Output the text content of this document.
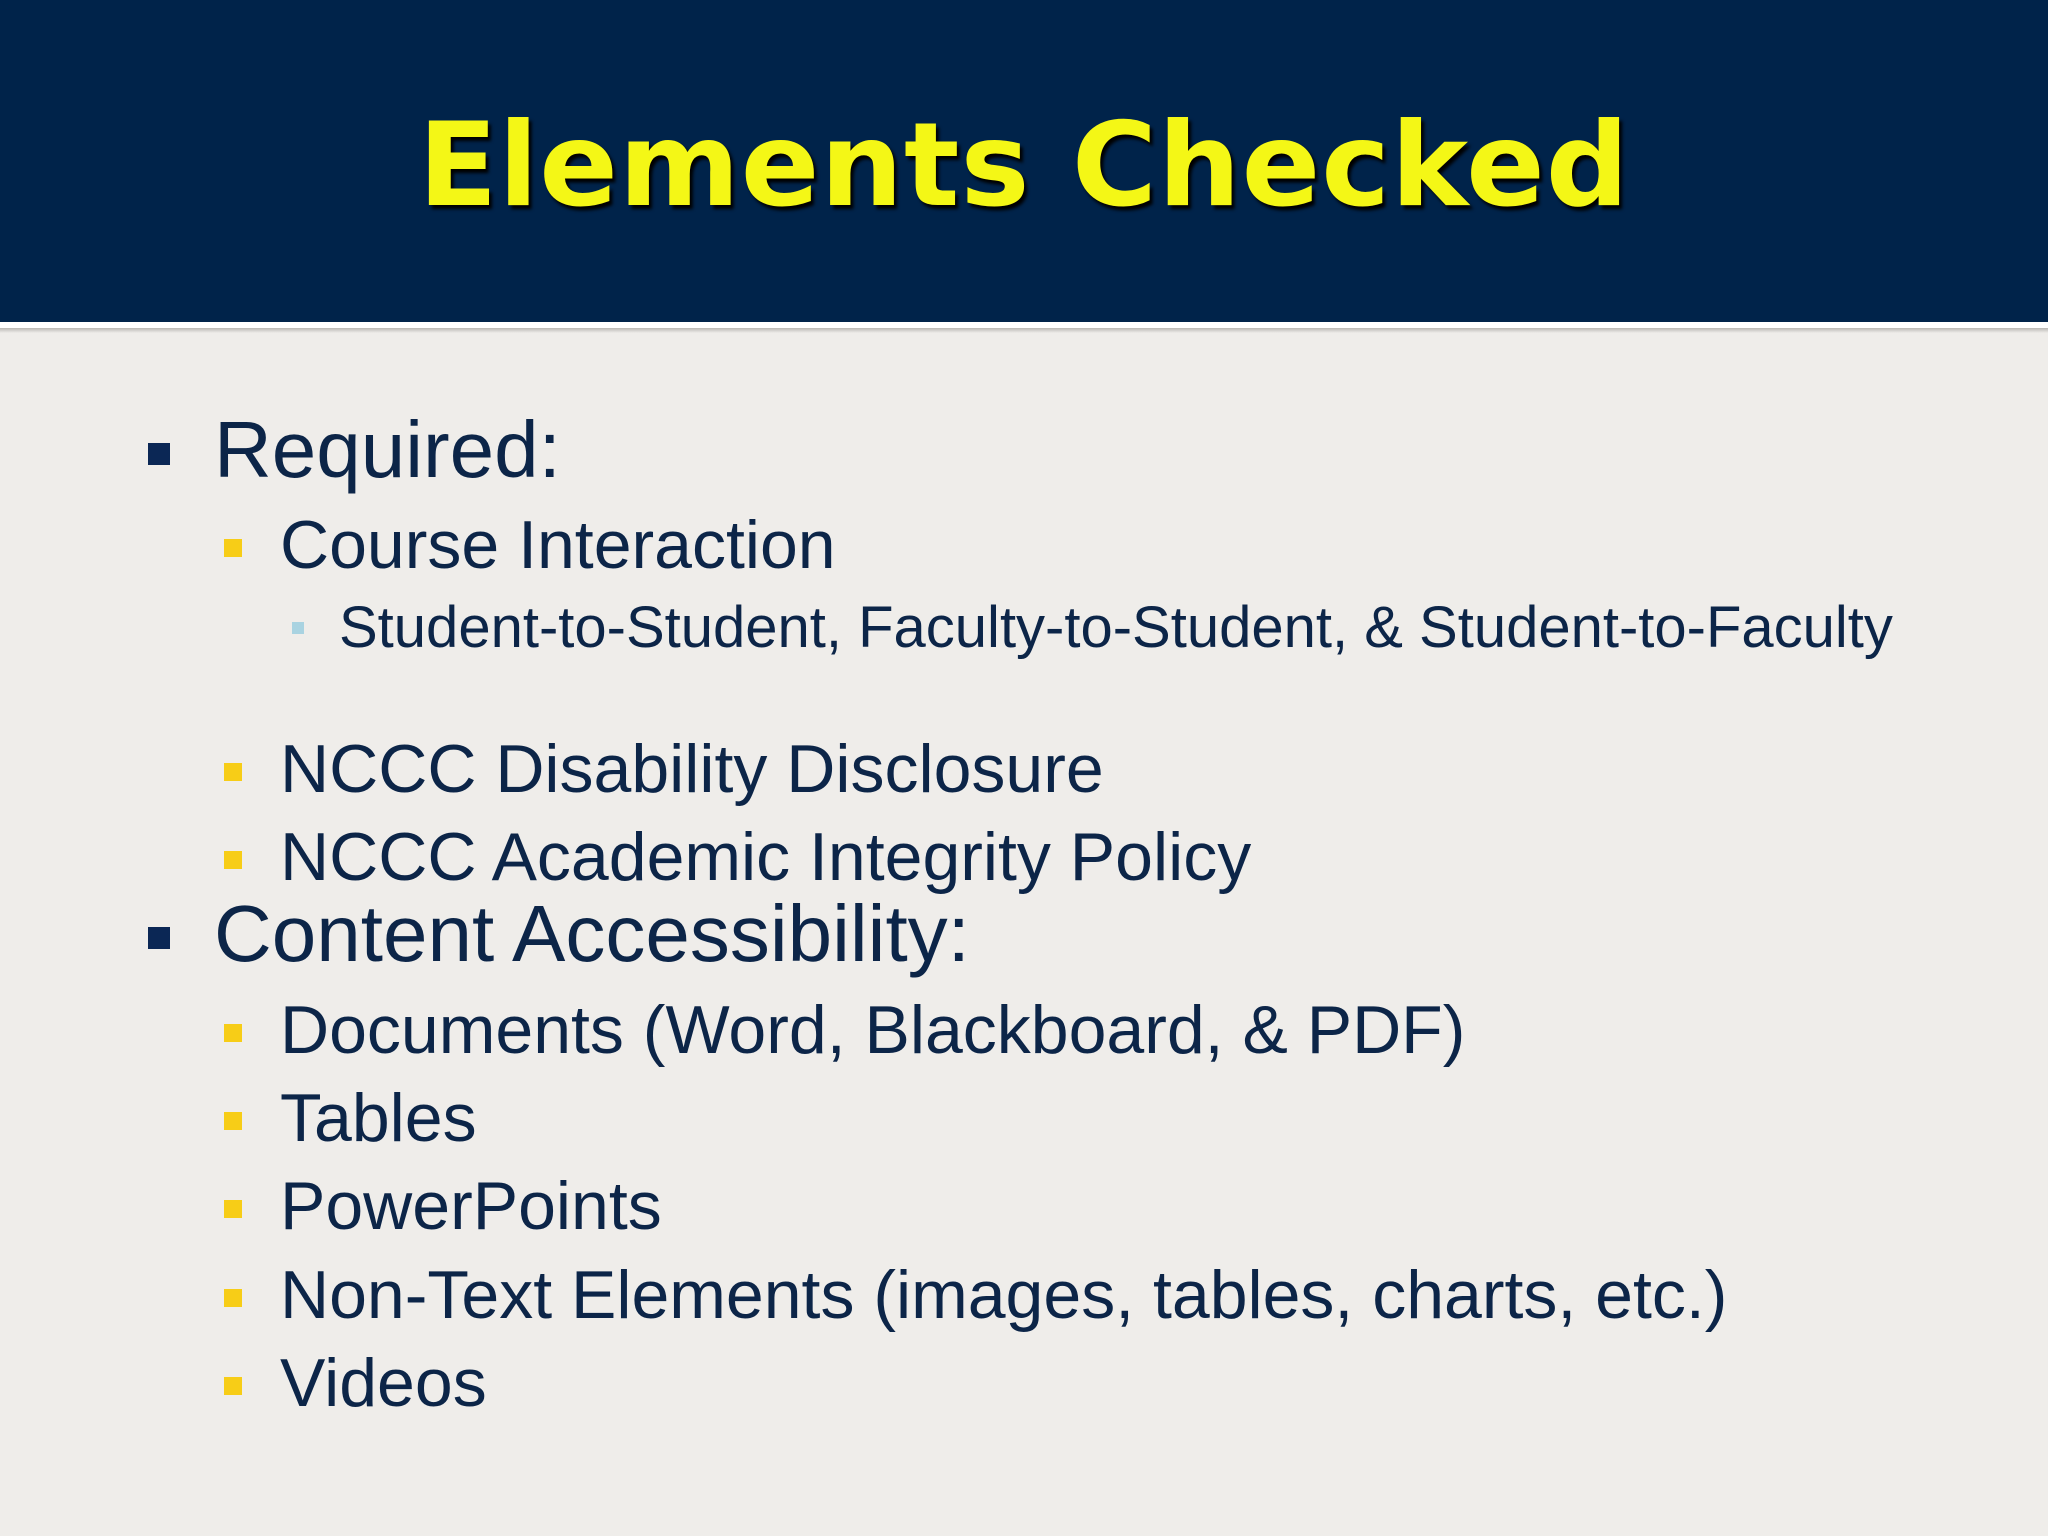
Elements Checked
Required:
Course Interaction
Student-to-Student, Faculty-to-Student, & Student-to-Faculty
NCCC Disability Disclosure
NCCC Academic Integrity Policy
Content Accessibility:
Documents (Word, Blackboard, & PDF)
Tables
PowerPoints
Non-Text Elements (images, tables, charts, etc.)
Videos
